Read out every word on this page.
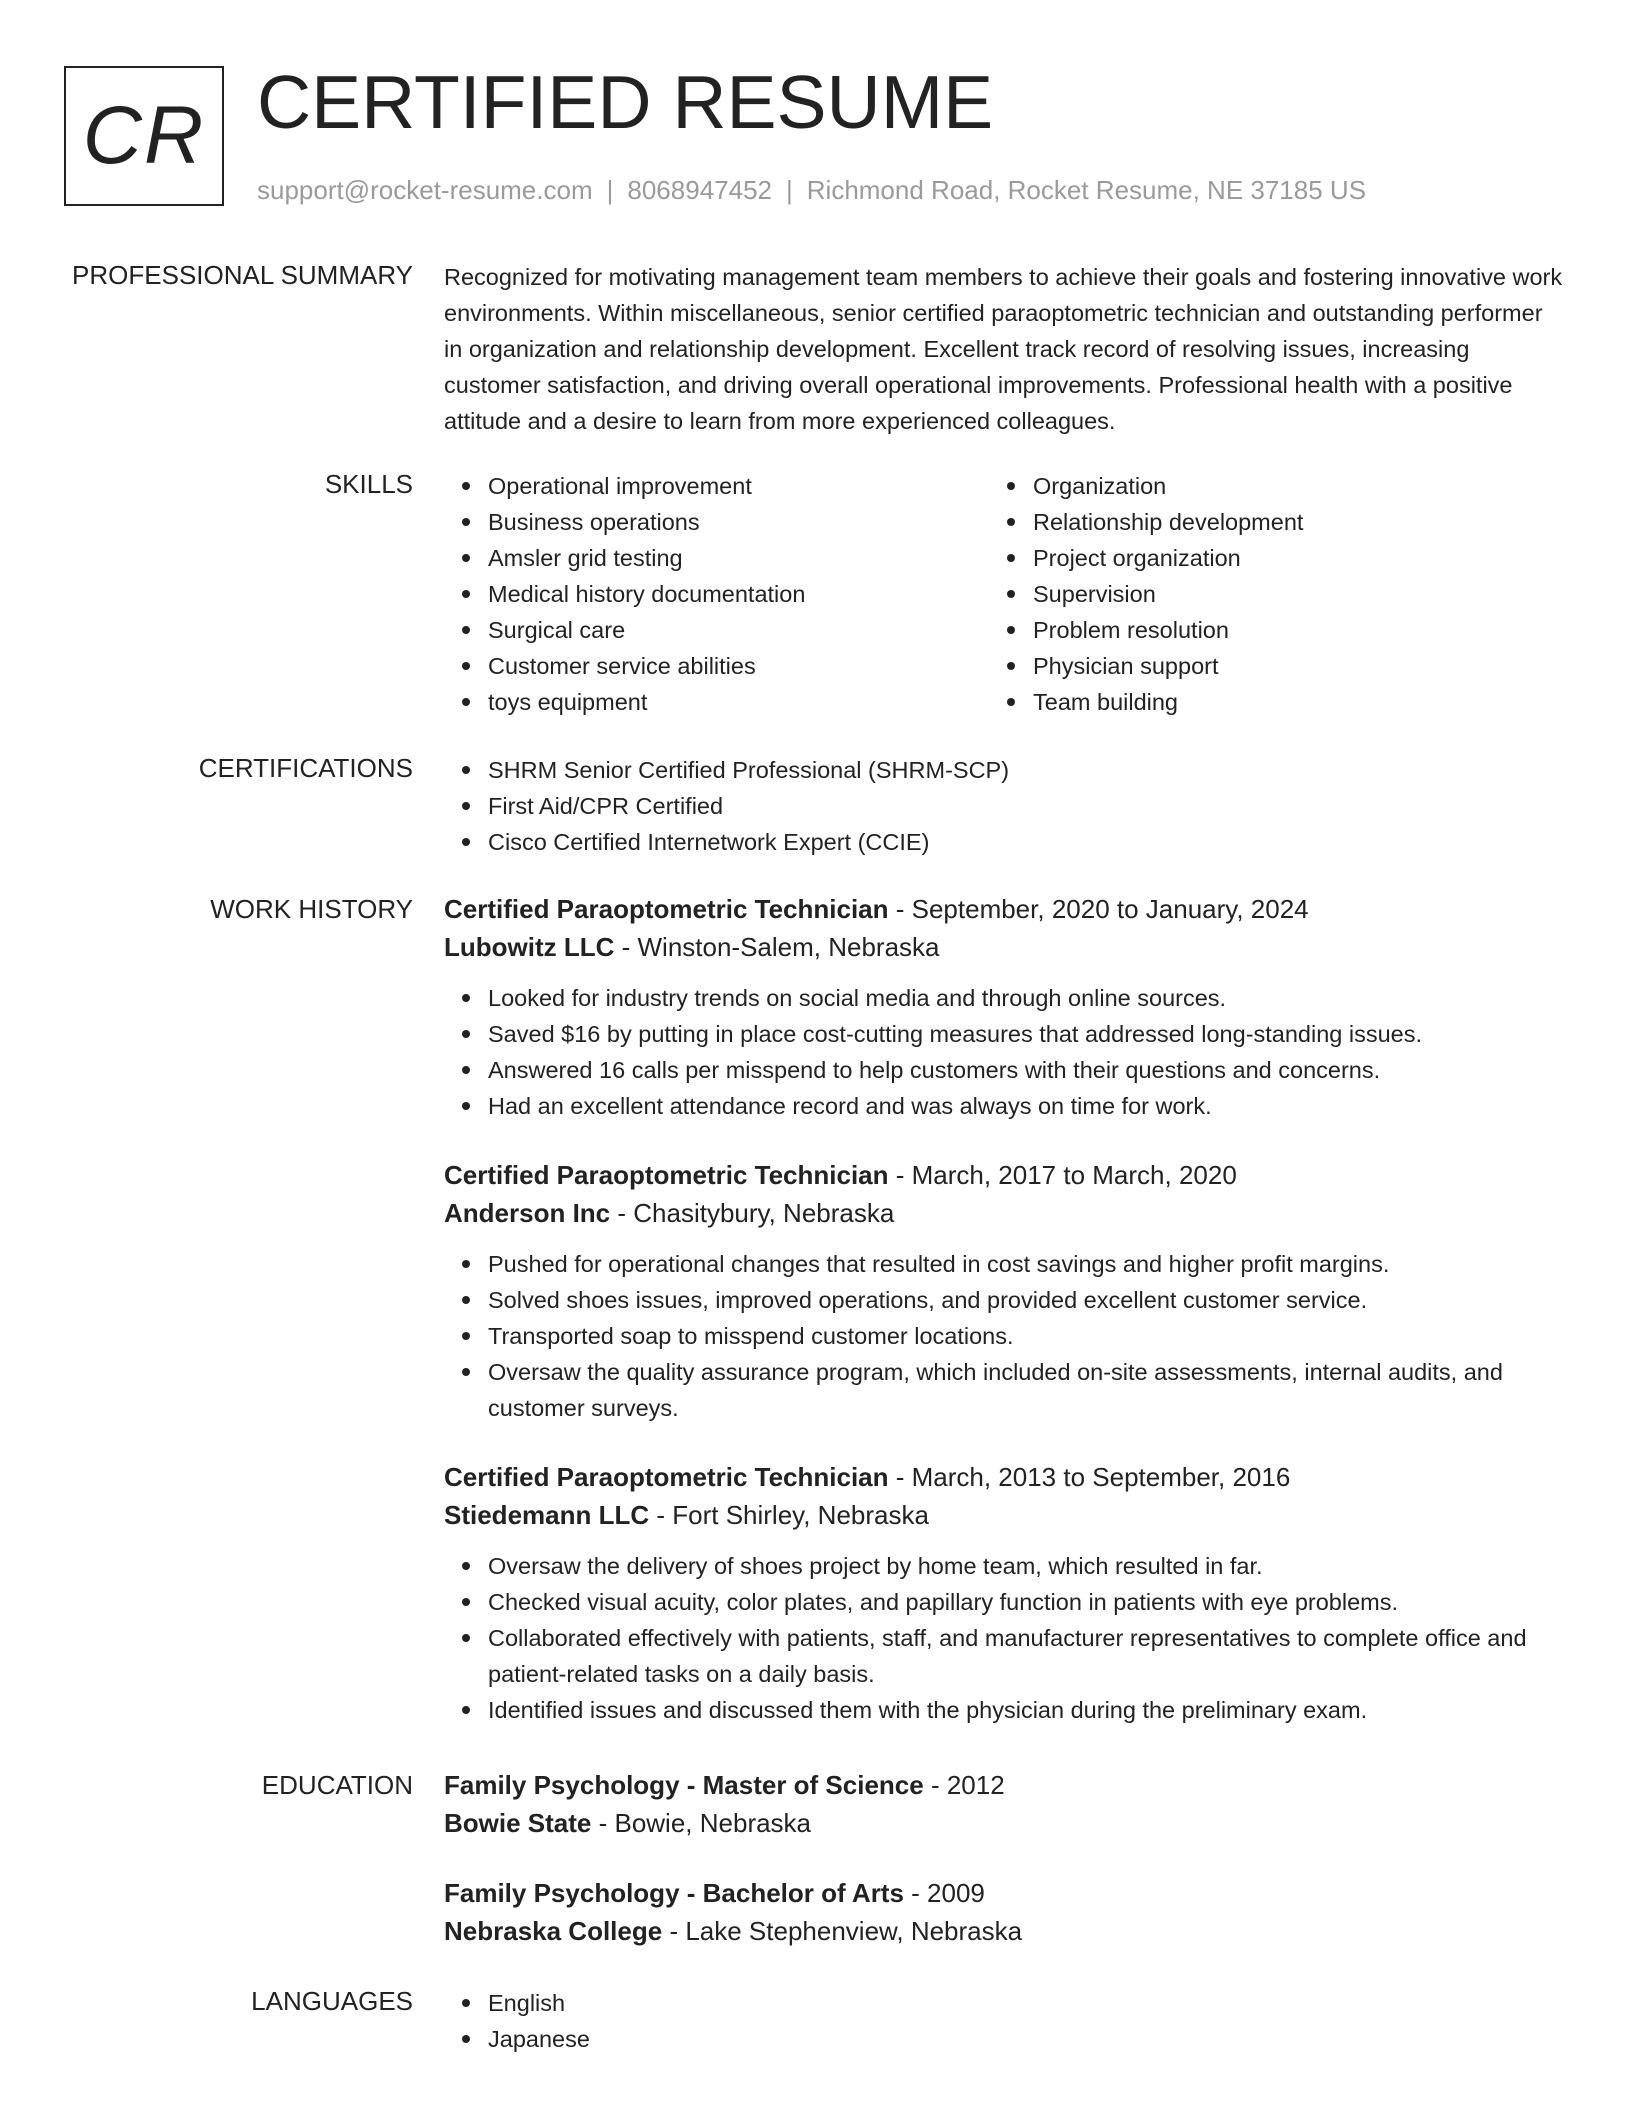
CR CERTIFIED RESUME
support@rocket-resume.com | 8068947452 | Richmond Road, Rocket Resume, NE 37185 US
PROFESSIONAL SUMMARY Recognized for motivating management team members to achieve their goals and fostering innovative work environments. Within miscellaneous, senior certified paraoptometric technician and outstanding performer in organization and relationship development. Excellent track record of resolving issues, increasing customer satisfaction, and driving overall operational improvements. Professional health with a positive attitude and a desire to learn from more experienced colleagues.

SKILLS	Operational improvement
Business operations
Amsler grid testing
Medical history documentation
Surgical care
Customer service abilities
toys equipment
Organization
Relationship development
Project organization
Supervision
Problem resolution
Physician support
Team building
CERTIFICATIONS	SHRM Senior Certified Professional (SHRM-SCP)
First Aid/CPR Certified
Cisco Certified Internetwork Expert (CCIE)
WORK HISTORY Certified Paraoptometric Technician - September, 2020 to January, 2024
Lubowitz LLC - Winston-Salem, Nebraska
Looked for industry trends on social media and through online sources.
Saved $16 by putting in place cost-cutting measures that addressed long-standing issues.
Answered 16 calls per misspend to help customers with their questions and concerns.
Had an excellent attendance record and was always on time for work.
Certified Paraoptometric Technician - March, 2017 to March, 2020
Anderson Inc - Chasitybury, Nebraska
Pushed for operational changes that resulted in cost savings and higher profit margins.
Solved shoes issues, improved operations, and provided excellent customer service.
Transported soap to misspend customer locations.
Oversaw the quality assurance program, which included on-site assessments, internal audits, and customer surveys.
Certified Paraoptometric Technician - March, 2013 to September, 2016
Stiedemann LLC - Fort Shirley, Nebraska
Oversaw the delivery of shoes project by home team, which resulted in far.
Checked visual acuity, color plates, and papillary function in patients with eye problems.
Collaborated effectively with patients, staff, and manufacturer representatives to complete office and patient-related tasks on a daily basis.
Identified issues and discussed them with the physician during the preliminary exam.
EDUCATION Family Psychology - Master of Science - 2012
Bowie State - Bowie, Nebraska
Family Psychology - Bachelor of Arts - 2009
Nebraska College - Lake Stephenview, Nebraska
LANGUAGES	English
Japanese
